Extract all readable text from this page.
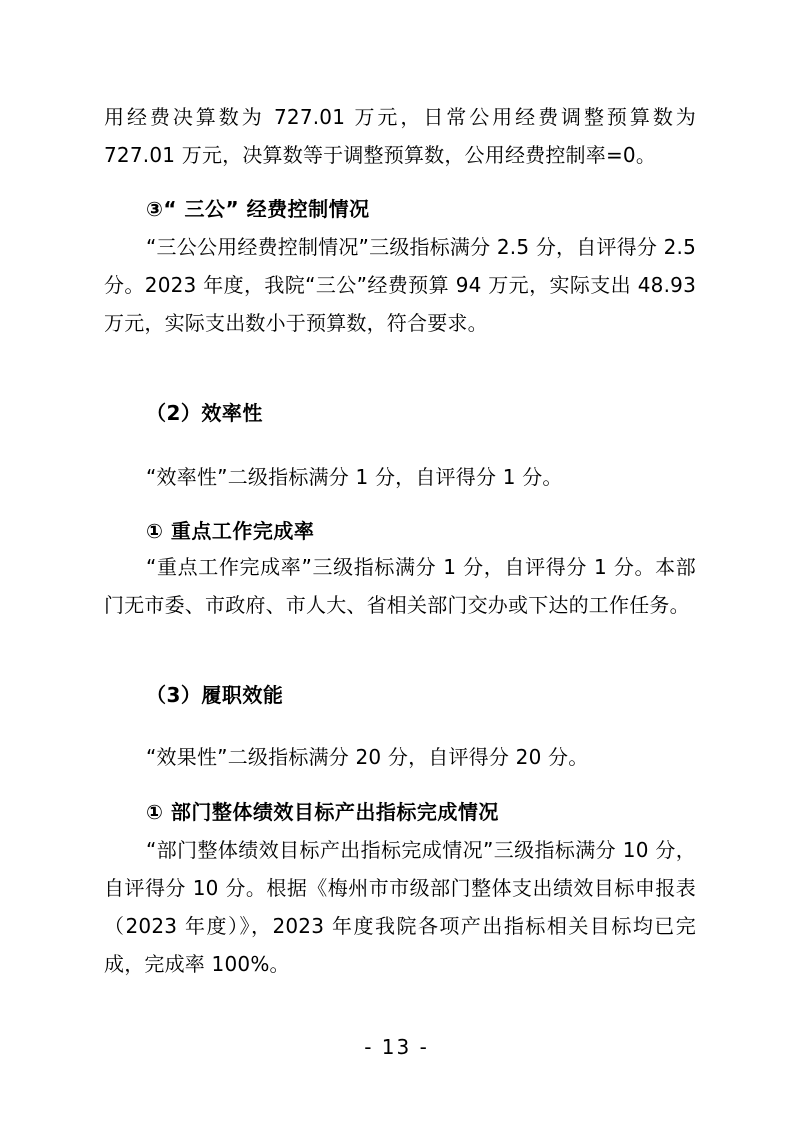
用经费决算数为 727.01 万元，日常公用经费调整预算数为 727.01 万元，决算数等于调整预算数，公用经费控制率=0。

③“ 三公” 经费控制情况

“三公公用经费控制情况”三级指标满分 2.5 分，自评得分 2.5 分。2023 年度，我院“三公”经费预算 94 万元，实际支出 48.93 万元，实际支出数小于预算数，符合要求。

（2）效率性

“效率性”二级指标满分 1 分，自评得分 1 分。

① 重点工作完成率

“重点工作完成率”三级指标满分 1 分，自评得分 1 分。本部门无市委、市政府、市人大、省相关部门交办或下达的工作任务。

（3）履职效能

“效果性”二级指标满分 20 分，自评得分 20 分。

① 部门整体绩效目标产出指标完成情况

“部门整体绩效目标产出指标完成情况”三级指标满分 10 分，自评得分 10 分。根据《梅州市市级部门整体支出绩效目标申报表（2023 年度）》，2023 年度我院各项产出指标相关目标均已完成，完成率 100%。

- 13 -
